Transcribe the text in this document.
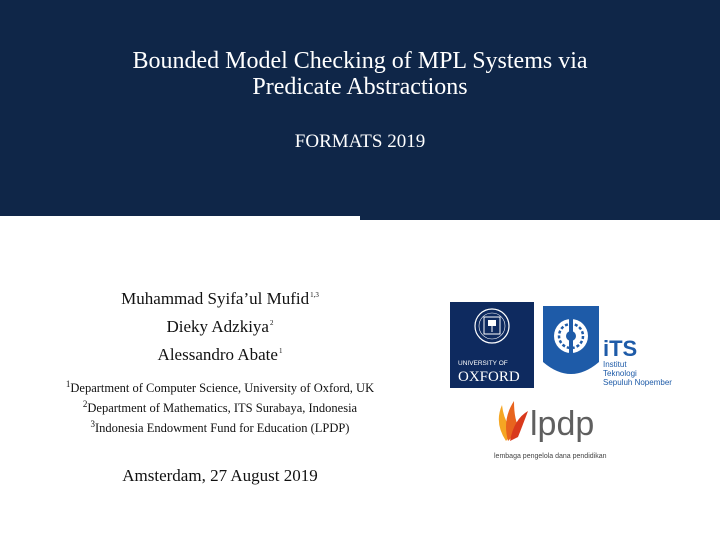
Bounded Model Checking of MPL Systems via
Predicate Abstractions
FORMATS 2019
Muhammad Syifa’ul Mufid$^{1,3}$
Dieky Adzkiya$^2$
Alessandro Abate$^1$
$^1$Department of Computer Science, University of Oxford, UK
$^2$Department of Mathematics, ITS Surabaya, Indonesia
$^3$Indonesia Endowment Fund for Education (LPDP)
Amsterdam, 27 August 2019
UNIVERSITY OF
OXFORD
iTS
Institut
Teknologi
Sepuluh Nopember
lpdp
lembaga pengelola dana pendidikan
